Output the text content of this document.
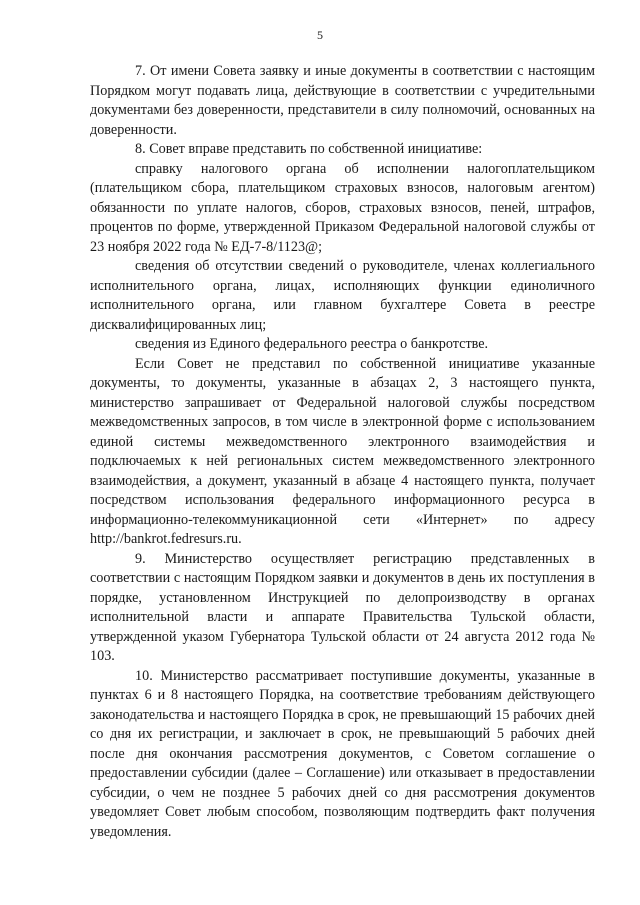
5

7. От имени Совета заявку и иные документы в соответствии с настоящим Порядком могут подавать лица, действующие в соответствии с учредительными документами без доверенности, представители в силу полномочий, основанных на доверенности.

8. Совет вправе представить по собственной инициативе:

справку налогового органа об исполнении налогоплательщиком (плательщиком сбора, плательщиком страховых взносов, налоговым агентом) обязанности по уплате налогов, сборов, страховых взносов, пеней, штрафов, процентов по форме, утвержденной Приказом Федеральной налоговой службы от 23 ноября 2022 года № ЕД-7-8/1123@;

сведения об отсутствии сведений о руководителе, членах коллегиального исполнительного органа, лицах, исполняющих функции единоличного исполнительного органа, или главном бухгалтере Совета в реестре дисквалифицированных лиц;

сведения из Единого федерального реестра о банкротстве.

Если Совет не представил по собственной инициативе указанные документы, то документы, указанные в абзацах 2, 3 настоящего пункта, министерство запрашивает от Федеральной налоговой службы посредством межведомственных запросов, в том числе в электронной форме с использованием единой системы межведомственного электронного взаимодействия и подключаемых к ней региональных систем межведомственного электронного взаимодействия, а документ, указанный в абзаце 4 настоящего пункта, получает посредством использования федерального информационного ресурса в информационно-телекоммуникационной сети «Интернет» по адресу http://bankrot.fedresurs.ru.

9. Министерство осуществляет регистрацию представленных в соответствии с настоящим Порядком заявки и документов в день их поступления в порядке, установленном Инструкцией по делопроизводству в органах исполнительной власти и аппарате Правительства Тульской области, утвержденной указом Губернатора Тульской области от 24 августа 2012 года № 103.

10. Министерство рассматривает поступившие документы, указанные в пунктах 6 и 8 настоящего Порядка, на соответствие требованиям действующего законодательства и настоящего Порядка в срок, не превышающий 15 рабочих дней со дня их регистрации, и заключает в срок, не превышающий 5 рабочих дней после дня окончания рассмотрения документов, с Советом соглашение о предоставлении субсидии (далее – Соглашение) или отказывает в предоставлении субсидии, о чем не позднее 5 рабочих дней со дня рассмотрения документов уведомляет Совет любым способом, позволяющим подтвердить факт получения уведомления.
